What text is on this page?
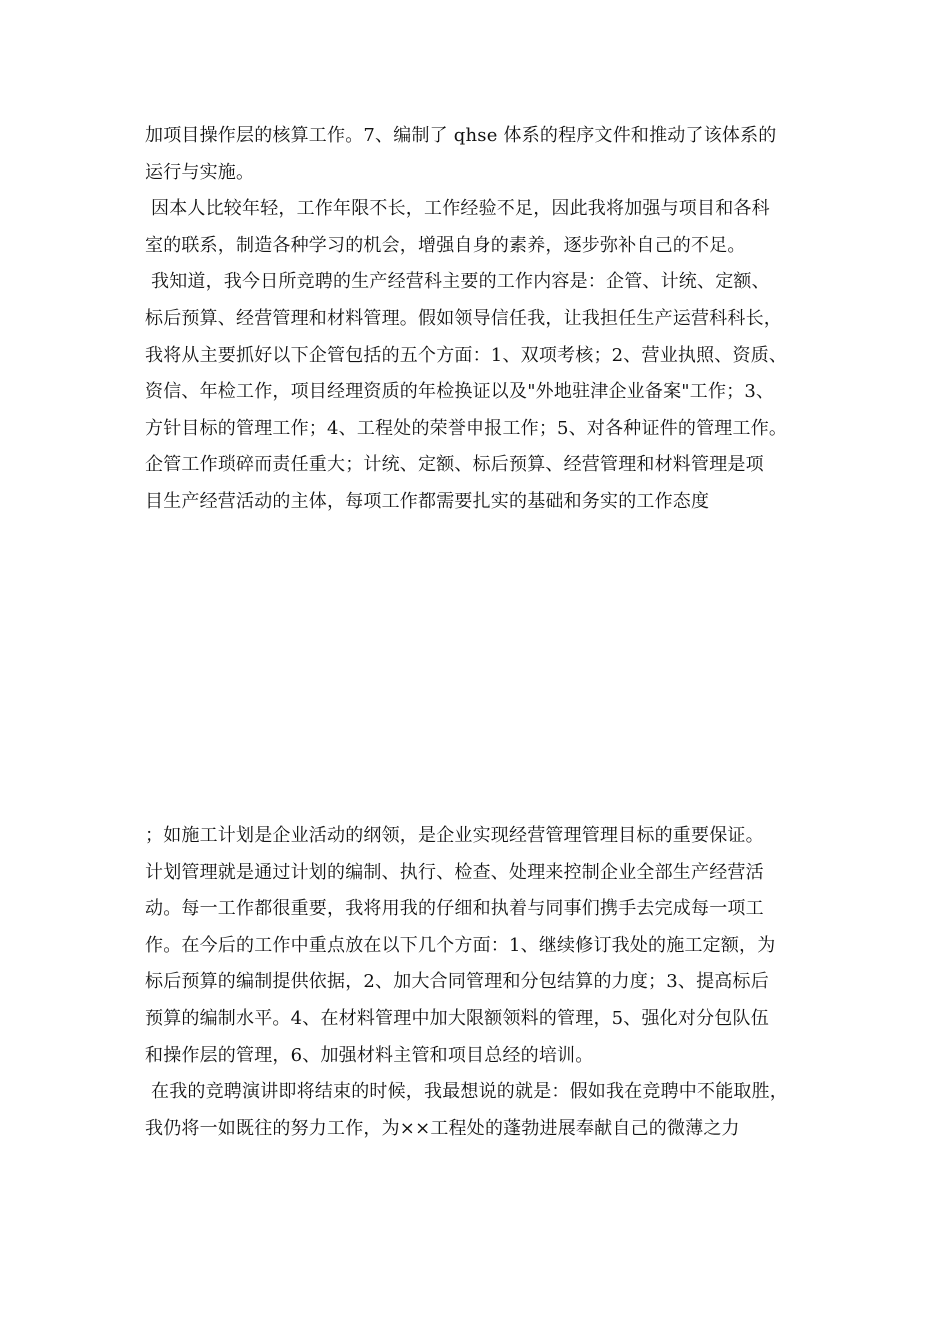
加项目操作层的核算工作。7、编制了 qhse 体系的程序文件和推动了该体系的
运行与实施。
因本人比较年轻，工作年限不长，工作经验不足，因此我将加强与项目和各科
室的联系，制造各种学习的机会，增强自身的素养，逐步弥补自己的不足。
我知道，我今日所竞聘的生产经营科主要的工作内容是：企管、计统、定额、
标后预算、经营管理和材料管理。假如领导信任我，让我担任生产运营科科长，
我将从主要抓好以下企管包括的五个方面：1、双项考核；2、营业执照、资质、
资信、年检工作，项目经理资质的年检换证以及"外地驻津企业备案"工作；3、
方针目标的管理工作；4、工程处的荣誉申报工作；5、对各种证件的管理工作。
企管工作琐碎而责任重大；计统、定额、标后预算、经营管理和材料管理是项
目生产经营活动的主体，每项工作都需要扎实的基础和务实的工作态度
；如施工计划是企业活动的纲领，是企业实现经营管理管理目标的重要保证。
计划管理就是通过计划的编制、执行、检查、处理来控制企业全部生产经营活
动。每一工作都很重要，我将用我的仔细和执着与同事们携手去完成每一项工
作。在今后的工作中重点放在以下几个方面：1、继续修订我处的施工定额，为
标后预算的编制提供依据，2、加大合同管理和分包结算的力度；3、提高标后
预算的编制水平。4、在材料管理中加大限额领料的管理，5、强化对分包队伍
和操作层的管理，6、加强材料主管和项目总经的培训。
在我的竞聘演讲即将结束的时候，我最想说的就是：假如我在竞聘中不能取胜，
我仍将一如既往的努力工作，为××工程处的蓬勃进展奉献自己的微薄之力
